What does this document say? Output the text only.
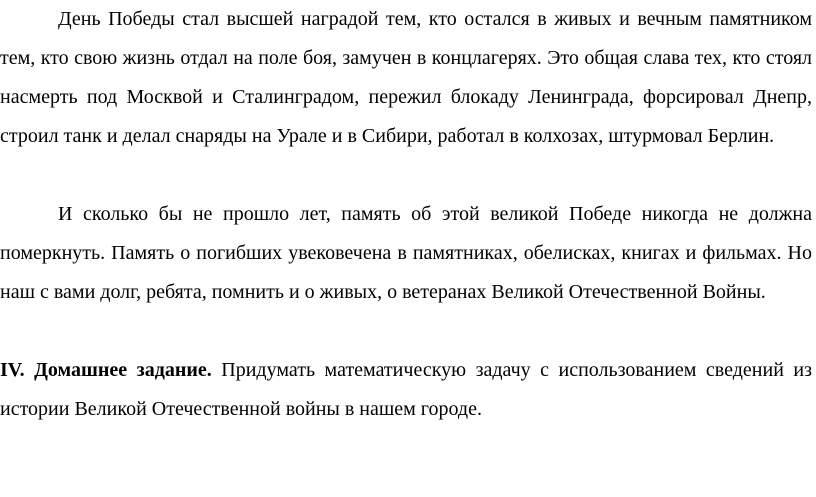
День Победы стал высшей наградой тем, кто остался в живых и вечным памятником тем, кто свою жизнь отдал на поле боя, замучен в концлагерях. Это общая слава тех, кто стоял насмерть под Москвой и Сталинградом, пережил блокаду Ленинграда, форсировал Днепр, строил танк и делал снаряды на Урале и в Сибири, работал в колхозах, штурмовал Берлин.

И сколько бы не прошло лет, память об этой великой Победе никогда не должна померкнуть. Память о погибших увековечена в памятниках, обелисках, книгах и фильмах. Но наш с вами долг, ребята, помнить и о живых, о ветеранах Великой Отечественной Войны.

IV. Домашнее задание. Придумать математическую задачу с использованием сведений из истории Великой Отечественной войны в нашем городе.
